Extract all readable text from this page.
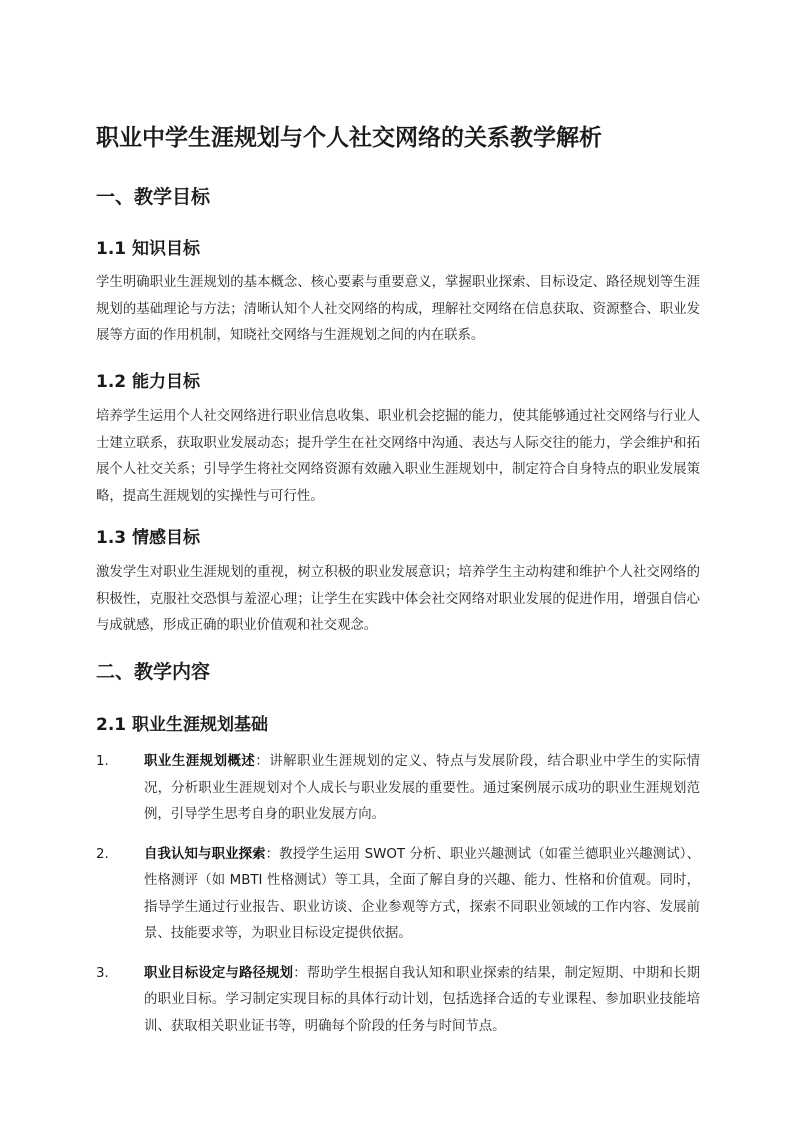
职业中学生涯规划与个人社交网络的关系教学解析
一、教学目标
1.1 知识目标

学生明确职业生涯规划的基本概念、核心要素与重要意义，掌握职业探索、目标设定、路径规划等生涯规划的基础理论与方法；清晰认知个人社交网络的构成，理解社交网络在信息获取、资源整合、职业发展等方面的作用机制，知晓社交网络与生涯规划之间的内在联系。

1.2 能力目标

培养学生运用个人社交网络进行职业信息收集、职业机会挖掘的能力，使其能够通过社交网络与行业人士建立联系，获取职业发展动态；提升学生在社交网络中沟通、表达与人际交往的能力，学会维护和拓展个人社交关系；引导学生将社交网络资源有效融入职业生涯规划中，制定符合自身特点的职业发展策略，提高生涯规划的实操性与可行性。

1.3 情感目标

激发学生对职业生涯规划的重视，树立积极的职业发展意识；培养学生主动构建和维护个人社交网络的积极性，克服社交恐惧与羞涩心理；让学生在实践中体会社交网络对职业发展的促进作用，增强自信心与成就感，形成正确的职业价值观和社交观念。

二、教学内容
2.1 职业生涯规划基础
1.	职业生涯规划概述：讲解职业生涯规划的定义、特点与发展阶段，结合职业中学生的实际情况，分析职业生涯规划对个人成长与职业发展的重要性。通过案例展示成功的职业生涯规划范例，引导学生思考自身的职业发展方向。
2.	自我认知与职业探索：教授学生运用 SWOT 分析、职业兴趣测试（如霍兰德职业兴趣测试）、性格测评（如 MBTI 性格测试）等工具，全面了解自身的兴趣、能力、性格和价值观。同时，指导学生通过行业报告、职业访谈、企业参观等方式，探索不同职业领域的工作内容、发展前景、技能要求等，为职业目标设定提供依据。
3.	职业目标设定与路径规划：帮助学生根据自我认知和职业探索的结果，制定短期、中期和长期的职业目标。学习制定实现目标的具体行动计划，包括选择合适的专业课程、参加职业技能培训、获取相关职业证书等，明确每个阶段的任务与时间节点。
